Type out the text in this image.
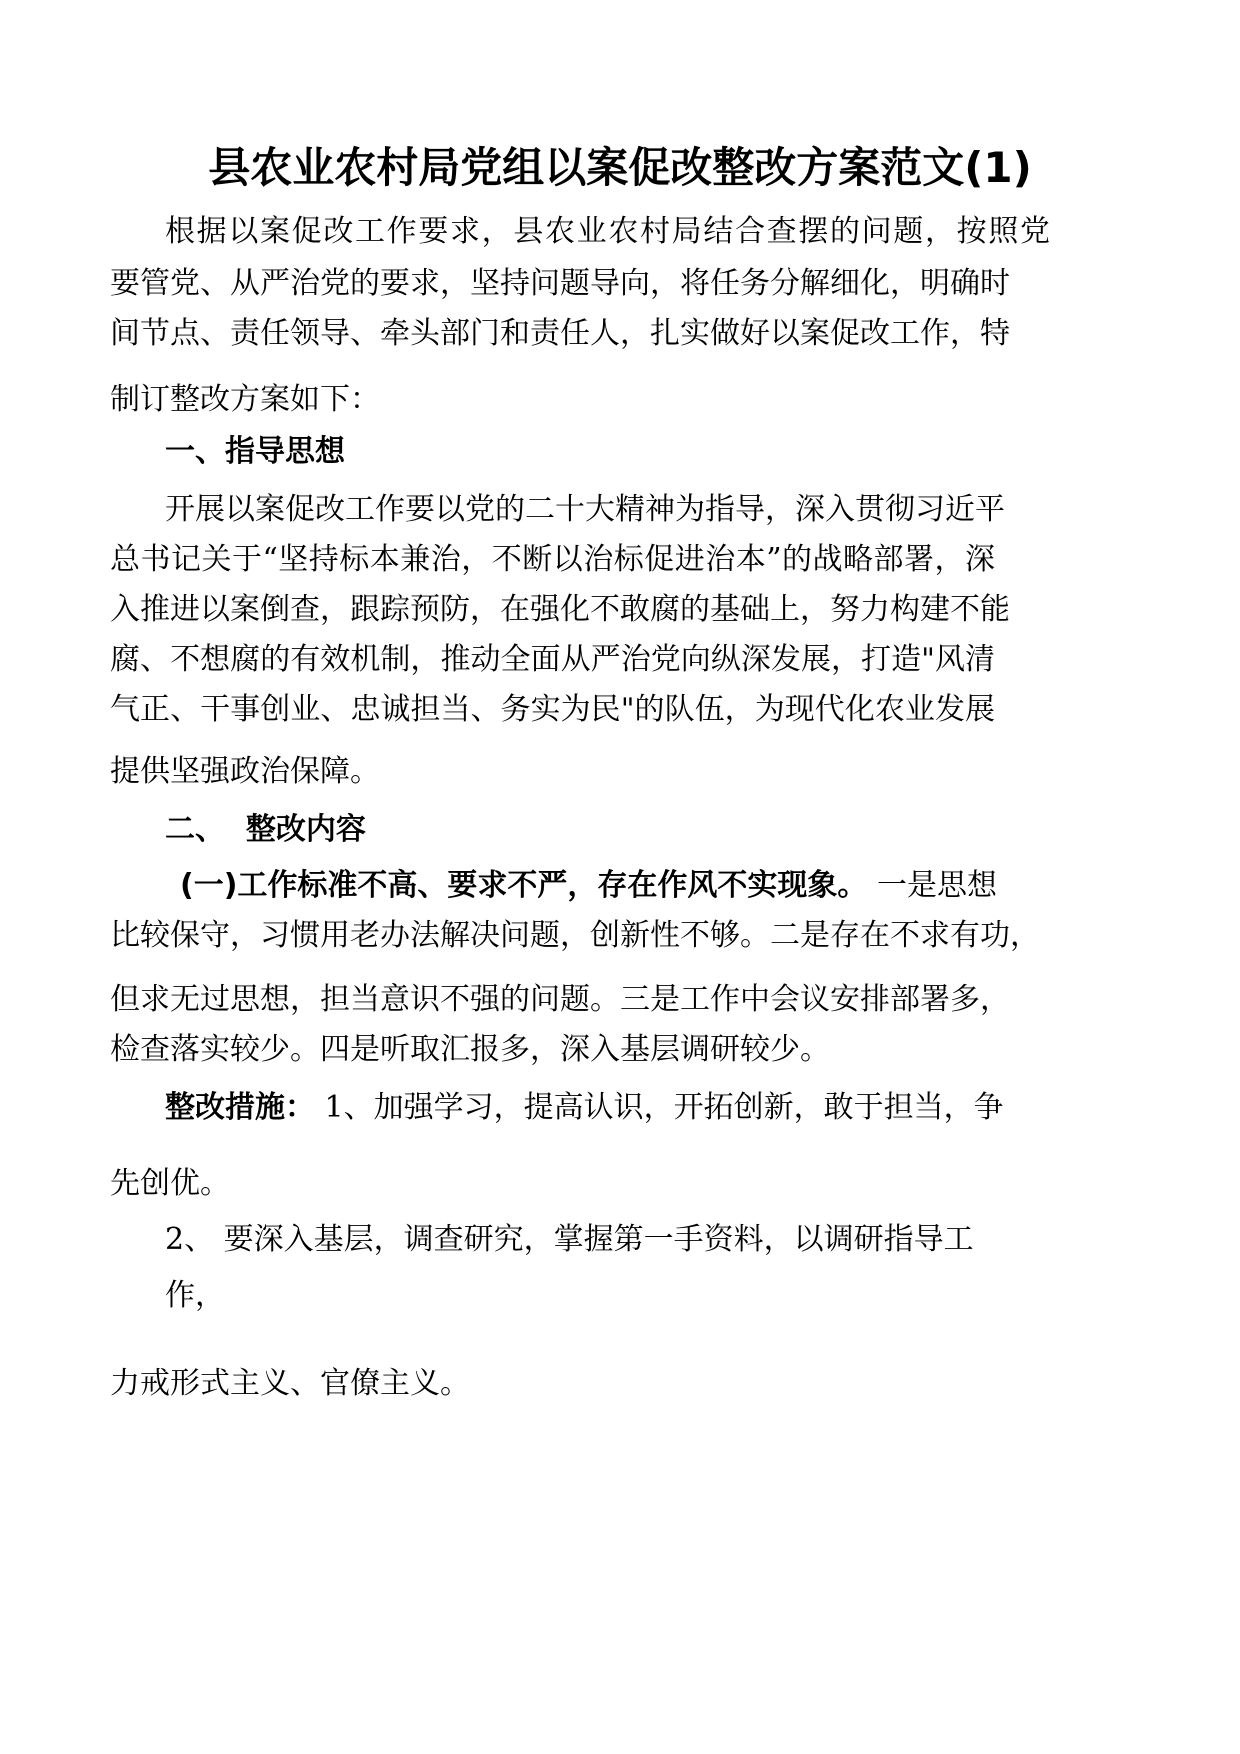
县农业农村局党组以案促改整改方案范文(1)
根据以案促改工作要求，县农业农村局结合查摆的问题，按照党
要管党、从严治党的要求，坚持问题导向，将任务分解细化，明确时
间节点、责任领导、牵头部门和责任人，扎实做好以案促改工作，特
制订整改方案如下：
一、指导思想
开展以案促改工作要以党的二十大精神为指导，深入贯彻习近平
总书记关于“坚持标本兼治，不断以治标促进治本”的战略部署，深
入推进以案倒查，跟踪预防，在强化不敢腐的基础上，努力构建不能
腐、不想腐的有效机制，推动全面从严治党向纵深发展，打造"风清
气正、干事创业、忠诚担当、务实为民"的队伍，为现代化农业发展
提供坚强政治保障。
二、  整改内容
(一)工作标准不高、要求不严，存在作风不实现象。 一是思想
比较保守，习惯用老办法解决问题，创新性不够。二是存在不求有功，
但求无过思想，担当意识不强的问题。三是工作中会议安排部署多，
检查落实较少。四是听取汇报多，深入基层调研较少。
整改措施： 1、加强学习，提高认识，开拓创新，敢于担当，争
先创优。
2、 要深入基层，调查研究，掌握第一手资料，以调研指导工
作，
力戒形式主义、官僚主义。
